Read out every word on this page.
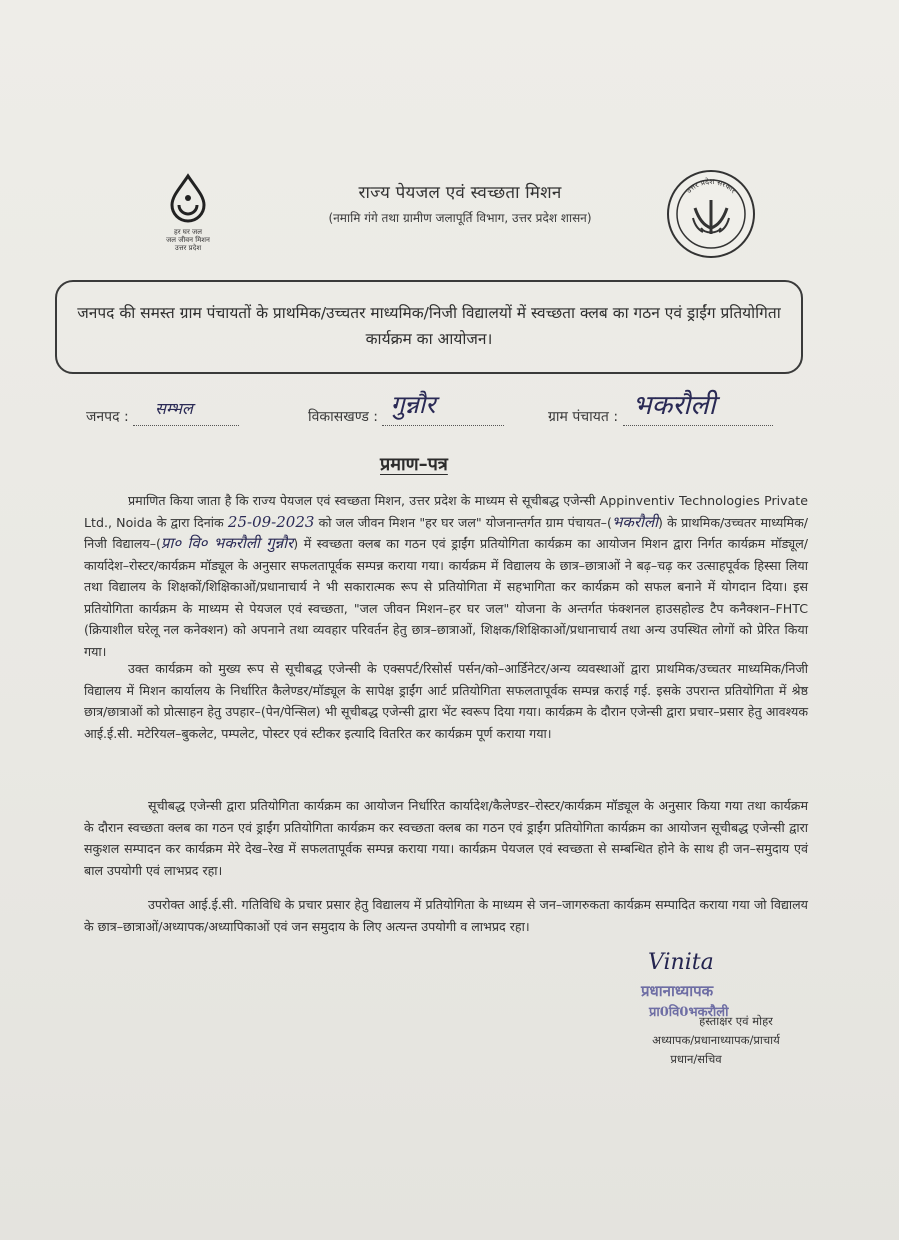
हर घर जल
जल जीवन मिशन
उत्तर प्रदेश
राज्य पेयजल एवं स्वच्छता मिशन
(नमामि गंगे तथा ग्रामीण जलापूर्ति विभाग, उत्तर प्रदेश शासन)
उत्तर प्रदेश सरकार
जनपद की समस्त ग्राम पंचायतों के प्राथमिक/उच्चतर माध्यमिक/निजी विद्यालयों में स्वच्छता क्लब का गठन एवं ड्राईंग प्रतियोगिता कार्यक्रम का आयोजन।
जनपद : सम्भल	विकासखण्ड : गुन्नौर	ग्राम पंचायत : भकरौली
प्रमाण–पत्र
प्रमाणित किया जाता है कि राज्य पेयजल एवं स्वच्छता मिशन, उत्तर प्रदेश के माध्यम से सूचीबद्ध एजेन्सी Appinventiv Technologies Private Ltd., Noida के द्वारा दिनांक 25-09-2023 को जल जीवन मिशन "हर घर जल" योजनान्तर्गत ग्राम पंचायत–(भकरौली) के प्राथमिक/उच्चतर माध्यमिक/निजी विद्यालय–(प्रा० वि० भकरौली गुन्नौर) में स्वच्छता क्लब का गठन एवं ड्राईंग प्रतियोगिता कार्यक्रम का आयोजन मिशन द्वारा निर्गत कार्यक्रम मॉड्यूल/कार्यादेश–रोस्टर/कार्यक्रम मॉड्यूल के अनुसार सफलतापूर्वक सम्पन्न कराया गया। कार्यक्रम में विद्यालय के छात्र–छात्राओं ने बढ़–चढ़ कर उत्साहपूर्वक हिस्सा लिया तथा विद्यालय के शिक्षकों/शिक्षिकाओं/प्रधानाचार्य ने भी सकारात्मक रूप से प्रतियोगिता में सहभागिता कर कार्यक्रम को सफल बनाने में योगदान दिया। इस प्रतियोगिता कार्यक्रम के माध्यम से पेयजल एवं स्वच्छता, "जल जीवन मिशन–हर घर जल" योजना के अन्तर्गत फंक्शनल हाउसहोल्ड टैप कनैक्शन–FHTC (क्रियाशील घरेलू नल कनेक्शन) को अपनाने तथा व्यवहार परिवर्तन हेतु छात्र–छात्राओं, शिक्षक/शिक्षिकाओं/प्रधानाचार्य तथा अन्य उपस्थित लोगों को प्रेरित किया गया।
उक्त कार्यक्रम को मुख्य रूप से सूचीबद्ध एजेन्सी के एक्सपर्ट/रिसोर्स पर्सन/को–आर्डिनेटर/अन्य व्यवस्थाओं द्वारा प्राथमिक/उच्चतर माध्यमिक/निजी विद्यालय में मिशन कार्यालय के निर्धारित कैलेण्डर/मॉड्यूल के सापेक्ष ड्राईंग आर्ट प्रतियोगिता सफलतापूर्वक सम्पन्न कराई गई. इसके उपरान्त प्रतियोगिता में श्रेष्ठ छात्र/छात्राओं को प्रोत्साहन हेतु उपहार–(पेन/पेन्सिल) भी सूचीबद्ध एजेन्सी द्वारा भेंट स्वरूप दिया गया। कार्यक्रम के दौरान एजेन्सी द्वारा प्रचार–प्रसार हेतु आवश्यक आई.ई.सी. मटेरियल–बुकलेट, पम्पलेट, पोस्टर एवं स्टीकर इत्यादि वितरित कर कार्यक्रम पूर्ण कराया गया।
सूचीबद्ध एजेन्सी द्वारा प्रतियोगिता कार्यक्रम का आयोजन निर्धारित कार्यादेश/कैलेण्डर–रोस्टर/कार्यक्रम मॉड्यूल के अनुसार किया गया तथा कार्यक्रम के दौरान स्वच्छता क्लब का गठन एवं ड्राईंग प्रतियोगिता कार्यक्रम कर स्वच्छता क्लब का गठन एवं ड्राईंग प्रतियोगिता कार्यक्रम का आयोजन सूचीबद्ध एजेन्सी द्वारा सकुशल सम्पादन कर कार्यक्रम मेरे देख–रेख में सफलतापूर्वक सम्पन्न कराया गया। कार्यक्रम पेयजल एवं स्वच्छता से सम्बन्धित होने के साथ ही जन–समुदाय एवं बाल उपयोगी एवं लाभप्रद रहा।
उपरोक्त आई.ई.सी. गतिविधि के प्रचार प्रसार हेतु विद्यालय में प्रतियोगिता के माध्यम से जन–जागरुकता कार्यक्रम सम्पादित कराया गया जो विद्यालय के छात्र–छात्राओं/अध्यापक/अध्यापिकाओं एवं जन समुदाय के लिए अत्यन्त उपयोगी व लाभप्रद रहा।
Vinita
प्रधानाध्यापक
प्रा0वि0भकरौली
हस्ताक्षर एवं मोहर
अध्यापक/प्रधानाध्यापक/प्राचार्य
प्रधान/सचिव
